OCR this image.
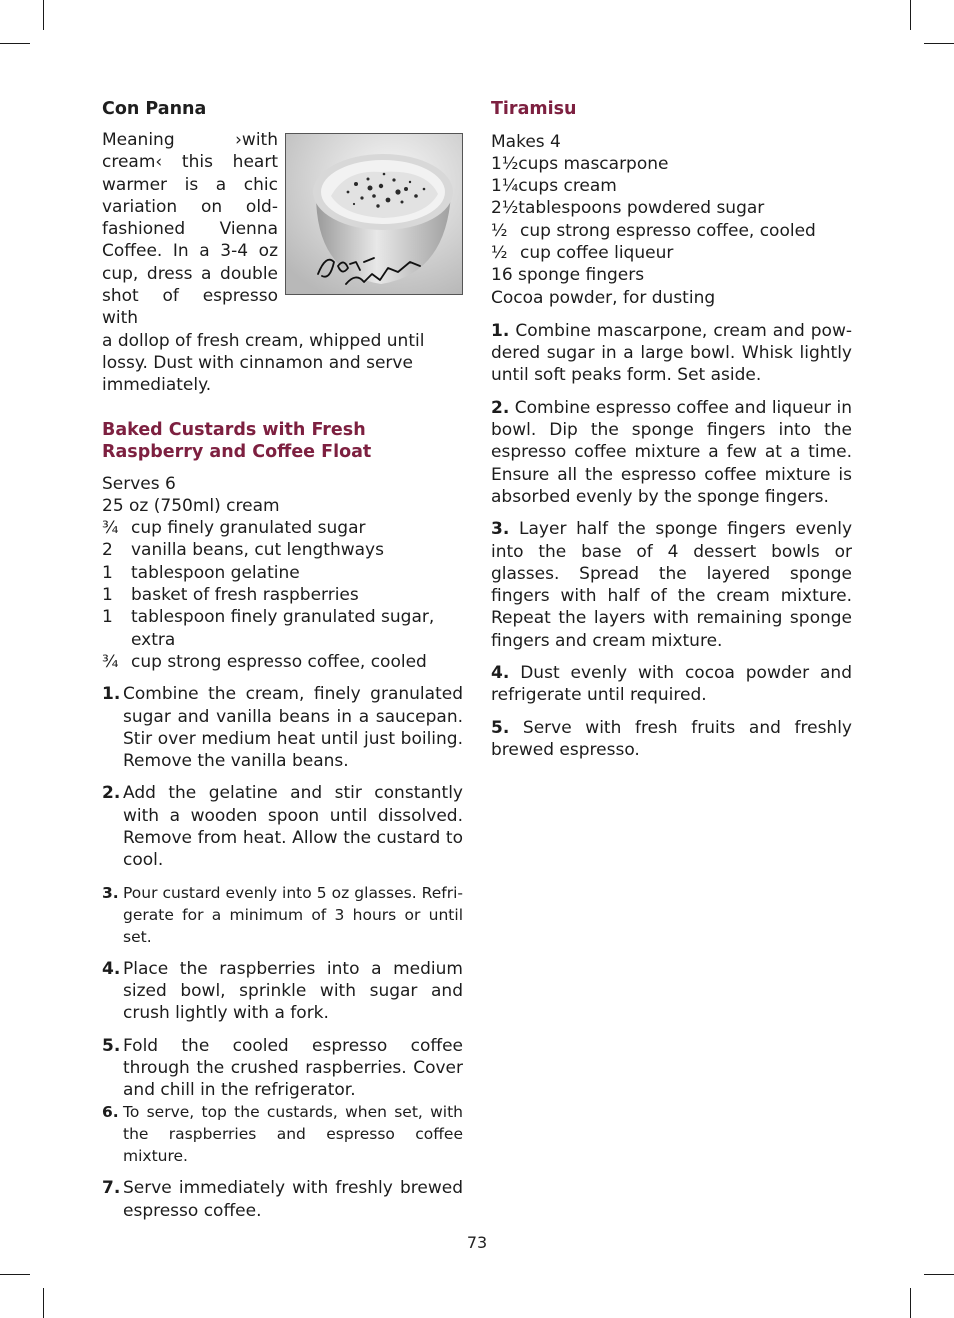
Con Panna

Meaning ›with cream‹ this heart warmer is a chic variation on old-fashioned Vienna Coffee. In a 3-4 oz cup, dress a double shot of espresso with

a dollop of fresh cream, whipped until lossy. Dust with cinnamon and serve immediately.

Baked Custards with Fresh
Raspberry and Coffee Float

Serves 6

25 oz (750ml) cream

¾ cup finely granulated sugar
2	vanilla beans, cut lengthways
1	tablespoon gelatine
1	basket of fresh raspberries
1	tablespoon finely granulated sugar, extra
¾ cup strong espresso coffee, cooled
1. Combine the cream, finely granulated sugar and vanilla beans in a saucepan. Stir over medium heat until just boiling. Remove the vanilla beans.
2. Add the gelatine and stir constantly with a wooden spoon until dissolved. Remove from heat. Allow the custard to cool.
3. Pour custard evenly into 5 oz glasses. Refrigerate for a minimum of 3 hours or until set.
4. Place the raspberries into a medium sized bowl, sprinkle with sugar and crush lightly with a fork.
5. Fold the cooled espresso coffee through the crushed raspberries. Cover and chill in the refrigerator.
6. To serve, top the custards, when set, with the raspberries and espresso coffee mixture.
7. Serve immediately with freshly brewed espresso coffee.
Tiramisu

Makes 4

1½ cups mascarpone
1¼ cups cream
2½ tablespoons powdered sugar
½ cup strong espresso coffee, cooled
½ cup coffee liqueur

16 sponge fingers

Cocoa powder, for dusting

1. Combine mascarpone, cream and powdered sugar in a large bowl. Whisk lightly until soft peaks form. Set aside.

2. Combine espresso coffee and liqueur in bowl. Dip the sponge fingers into the espresso coffee mixture a few at a time. Ensure all the espresso coffee mixture is absorbed evenly by the sponge fingers.

3. Layer half the sponge fingers evenly into the base of 4 dessert bowls or glasses. Spread the layered sponge fingers with half of the cream mixture. Repeat the layers with remaining sponge fingers and cream mixture.

4. Dust evenly with cocoa powder and refrigerate until required.

5. Serve with fresh fruits and freshly brewed espresso.

73
